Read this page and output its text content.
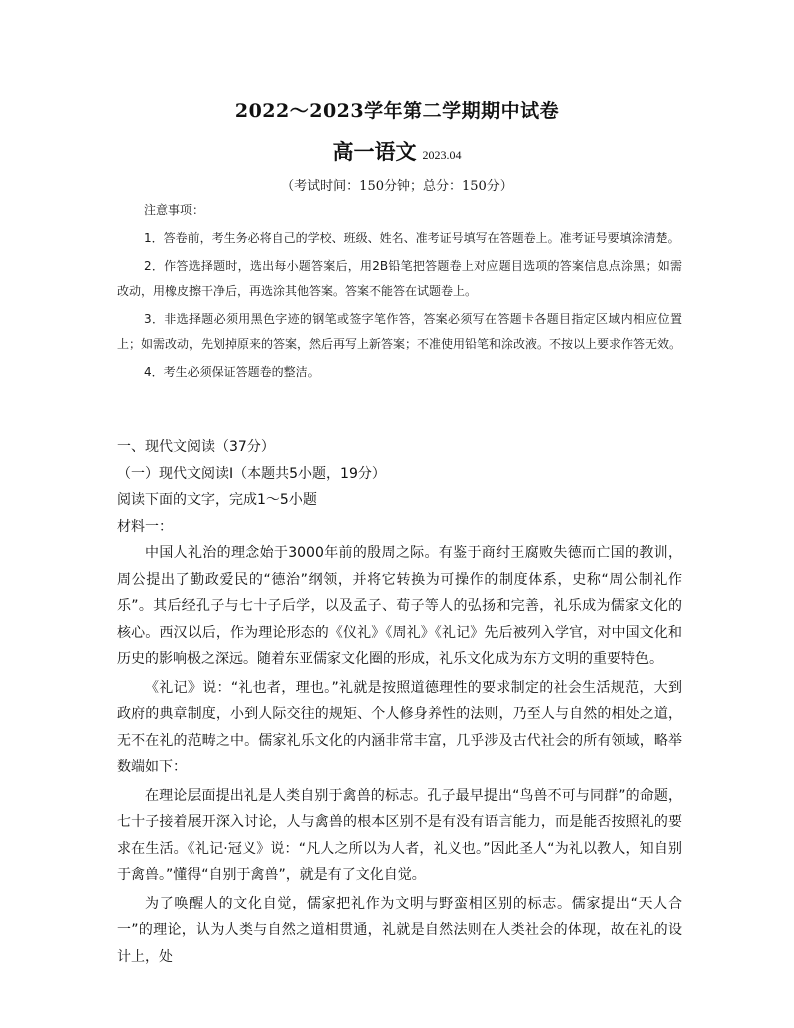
2022～2023学年第二学期期中试卷
高一语文 2023.04
（考试时间：150分钟；总分：150分）

注意事项：

1．答卷前，考生务必将自己的学校、班级、姓名、准考证号填写在答题卷上。准考证号要填涂清楚。

2．作答选择题时，选出每小题答案后，用2B铅笔把答题卷上对应题目选项的答案信息点涂黑；如需改动，用橡皮擦干净后，再选涂其他答案。答案不能答在试题卷上。

3．非选择题必须用黑色字迹的钢笔或签字笔作答，答案必须写在答题卡各题目指定区域内相应位置上；如需改动，先划掉原来的答案，然后再写上新答案；不准使用铅笔和涂改液。不按以上要求作答无效。

4．考生必须保证答题卷的整洁。

一、现代文阅读（37分）

（一）现代文阅读I（本题共5小题，19分）

阅读下面的文字，完成1～5小题

材料一：

中国人礼治的理念始于3000年前的殷周之际。有鉴于商纣王腐败失德而亡国的教训，周公提出了勤政爱民的“德治”纲领，并将它转换为可操作的制度体系，史称“周公制礼作乐”。其后经孔子与七十子后学，以及孟子、荀子等人的弘扬和完善，礼乐成为儒家文化的核心。西汉以后，作为理论形态的《仪礼》《周礼》《礼记》先后被列入学官，对中国文化和历史的影响极之深远。随着东亚儒家文化圈的形成，礼乐文化成为东方文明的重要特色。

《礼记》说：“礼也者，理也。”礼就是按照道德理性的要求制定的社会生活规范，大到政府的典章制度，小到人际交往的规矩、个人修身养性的法则，乃至人与自然的相处之道，无不在礼的范畴之中。儒家礼乐文化的内涵非常丰富，几乎涉及古代社会的所有领域，略举数端如下：

在理论层面提出礼是人类自别于禽兽的标志。孔子最早提出“鸟兽不可与同群”的命题，七十子接着展开深入讨论，人与禽兽的根本区别不是有没有语言能力，而是能否按照礼的要求在生活。《礼记·冠义》说：“凡人之所以为人者，礼义也。”因此圣人“为礼以教人，知自别于禽兽。”懂得“自别于禽兽”，就是有了文化自觉。

为了唤醒人的文化自觉，儒家把礼作为文明与野蛮相区别的标志。儒家提出“天人合一”的理论，认为人类与自然之道相贯通，礼就是自然法则在人类社会的体现，故在礼的设计上，处
